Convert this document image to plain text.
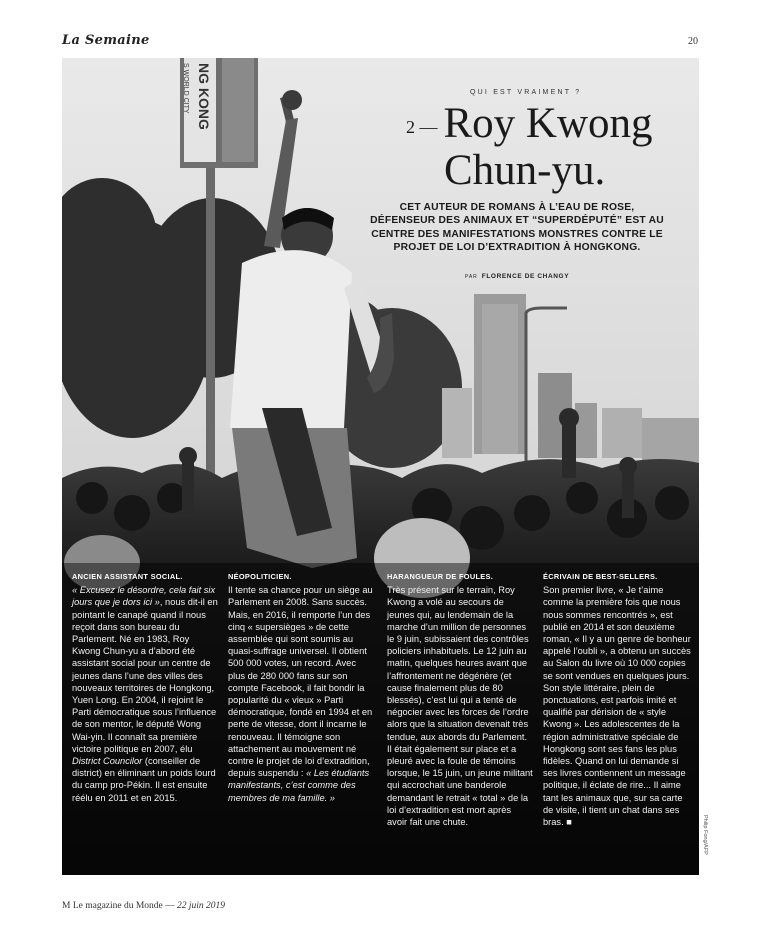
La Semaine	20
NG KONG
S WORLD CITY	QUI EST VRAIMENT ?
2 — Roy Kwong
Chun-yu.
CET AUTEUR DE ROMANS À L’EAU DE ROSE, DÉFENSEUR DES ANIMAUX ET “SUPERDÉPUTÉ” EST AU CENTRE DES MANIFESTATIONS MONSTRES CONTRE LE PROJET DE LOI D’EXTRADITION À HONGKONG.
PAR FLORENCE DE CHANGY
ANCIEN ASSISTANT SOCIAL.

« Excusez le désordre, cela fait six jours que je dors ici », nous dit-il en pointant le canapé quand il nous reçoit dans son bureau du Parlement. Né en 1983, Roy Kwong Chun-yu a d’abord été assistant social pour un centre de jeunes dans l’une des villes des nouveaux territoires de Hongkong, Yuen Long. En 2004, il rejoint le Parti démocratique sous l’influence de son mentor, le député Wong Wai-yin. Il connaît sa première victoire politique en 2007, élu District Councilor (conseiller de district) en éliminant un poids lourd du camp pro-Pékin. Il est ensuite réélu en 2011 et en 2015.

NÉOPOLITICIEN.

Il tente sa chance pour un siège au Parlement en 2008. Sans succès. Mais, en 2016, il remporte l’un des cinq « supersièges » de cette assemblée qui sont soumis au quasi-suffrage universel. Il obtient 500 000 votes, un record. Avec plus de 280 000 fans sur son compte Facebook, il fait bondir la popularité du « vieux » Parti démocratique, fondé en 1994 et en perte de vitesse, dont il incarne le renouveau. Il témoigne son attachement au mouvement né contre le projet de loi d’extradition, depuis suspendu : « Les étudiants manifestants, c’est comme des membres de ma famille. »

HARANGUEUR DE FOULES.

Très présent sur le terrain, Roy Kwong a volé au secours de jeunes qui, au lendemain de la marche d’un million de personnes le 9 juin, subissaient des contrôles policiers inhabituels. Le 12 juin au matin, quelques heures avant que l’affrontement ne dégénère (et cause finalement plus de 80 blessés), c’est lui qui a tenté de négocier avec les forces de l’ordre alors que la situation devenait très tendue, aux abords du Parlement. Il était également sur place et a pleuré avec la foule de témoins lorsque, le 15 juin, un jeune militant qui accrochait une banderole demandant le retrait « total » de la loi d’extradition est mort après avoir fait une chute.

ÉCRIVAIN DE BEST-SELLERS.

Son premier livre, « Je t’aime comme la première fois que nous nous sommes rencontrés », est publié en 2014 et son deuxième roman, « Il y a un genre de bonheur appelé l’oubli », a obtenu un succès au Salon du livre où 10 000 copies se sont vendues en quelques jours. Son style littéraire, plein de ponctuations, est parfois imité et qualifié par dérision de « style Kwong ». Les adolescentes de la région administrative spéciale de Hongkong sont ses fans les plus fidèles. Quand on lui demande si ses livres contiennent un message politique, il éclate de rire... Il aime tant les animaux que, sur sa carte de visite, il tient un chat dans ses bras. ■	Philip Fong/AFP
M Le magazine du Monde — 22 juin 2019
